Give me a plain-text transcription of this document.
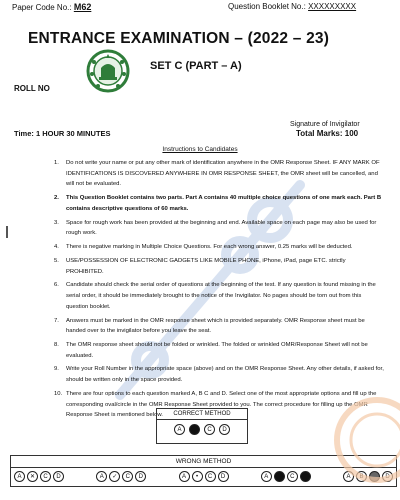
Paper Code No.: M62	Question Booklet No.: XXXXXXXXX
ENTRANCE EXAMINATION – (2022 – 23)
SET C (PART – A)
ROLL NO
Signature of Invigilator
Total Marks: 100
Time: 1 HOUR 30 MINUTES
Instructions to Candidates
1. Do not write your name or put any other mark of identification anywhere in the OMR Response Sheet. IF ANY MARK OF IDENTIFICATIONS IS DISCOVERED ANYWHERE IN OMR RESPONSE SHEET, the OMR sheet will be cancelled, and will not be evaluated.
2. This Question Booklet contains two parts. Part A contains 40 multiple choice questions of one mark each. Part B contains descriptive questions of 60 marks.
3. Space for rough work has been provided at the beginning and end. Available space on each page may also be used for rough work.
4. There is negative marking in Multiple Choice Questions. For each wrong answer, 0.25 marks will be deducted.
5. USE/POSSESSION OF ELECTRONIC GADGETS LIKE MOBILE PHONE, iPhone, iPad, page ETC. strictly PROHIBITED.
6. Candidate should check the serial order of questions at the beginning of the test. If any question is found missing in the serial order, it should be immediately brought to the notice of the Invigilator. No pages should be torn out from this question booklet.
7. Answers must be marked in the OMR response sheet which is provided separately. OMR Response sheet must be handed over to the invigilator before you leave the seat.
8. The OMR response sheet should not be folded or wrinkled. The folded or wrinkled OMR/Response Sheet will not be evaluated.
9. Write your Roll Number in the appropriate space (above) and on the OMR Response Sheet. Any other details, if asked for, should be written only in the space provided.
10. There are four options to each question marked A, B C and D. Select one of the most appropriate options and fill up the corresponding oval/circle in the OMR Response Sheet provided to you. The correct procedure for filling up the OMR Response Sheet is mentioned below.	CORRECT METHOD
A	C	D
WRONG METHOD
A	✕	C	D	A	✓	C	D	A	•	C	D	A	C	A	B	D
